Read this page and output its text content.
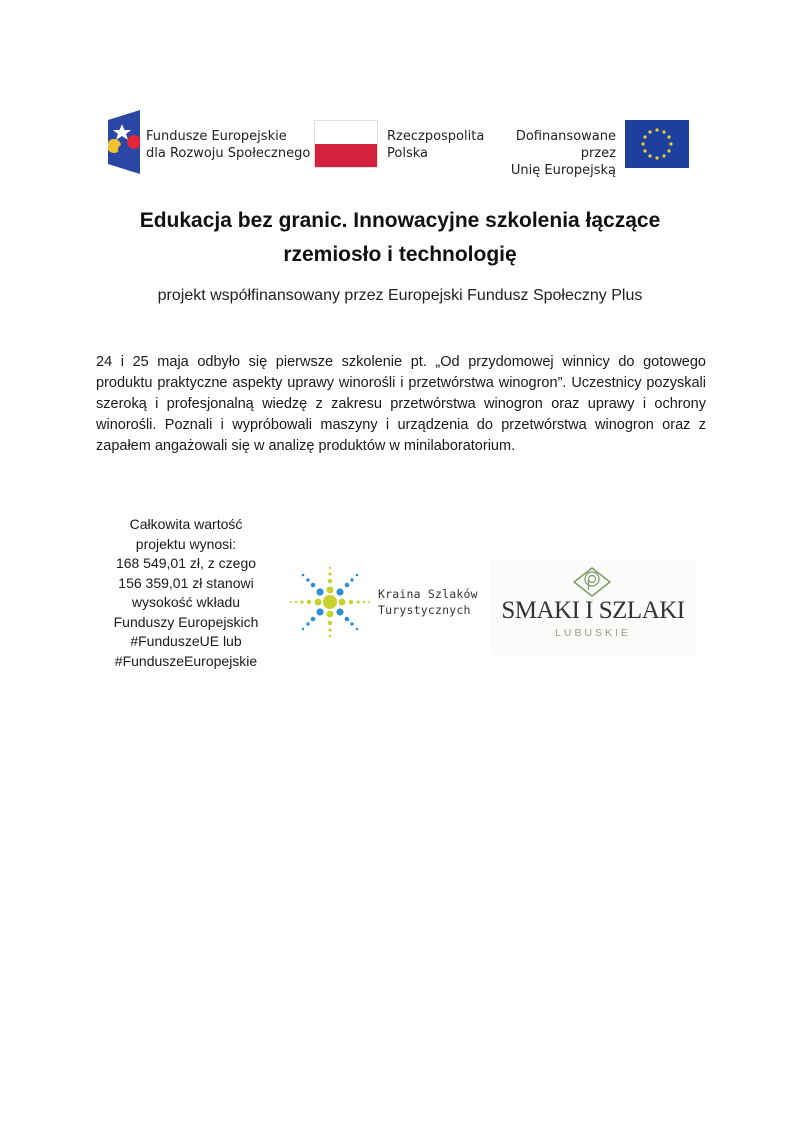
Fundusze Europejskie
dla Rozwoju Społecznego
Rzeczpospolita
Polska
Dofinansowane przez
Unię Europejską
Edukacja bez granic. Innowacyjne szkolenia łączące
rzemiosło i technologię
projekt współfinansowany przez Europejski Fundusz Społeczny Plus
24 i 25 maja odbyło się pierwsze szkolenie pt. „Od przydomowej winnicy do gotowego produktu praktyczne aspekty uprawy winorośli i przetwórstwa winogron”. Uczestnicy pozyskali szeroką i profesjonalną wiedzę z zakresu przetwórstwa winogron oraz uprawy i ochrony winorośli. Poznali i wypróbowali maszyny i urządzenia do przetwórstwa winogron oraz z zapałem angażowali się w analizę produktów w minilaboratorium.
Całkowita wartość
projektu wynosi:
168 549,01 zł, z czego
156 359,01 zł stanowi
wysokość wkładu
Funduszy Europejskich
#FunduszeUE lub
#FunduszeEuropejskie
Kraina Szlaków
Turystycznych	SMAKI I SZLAKI
LUBUSKIE
